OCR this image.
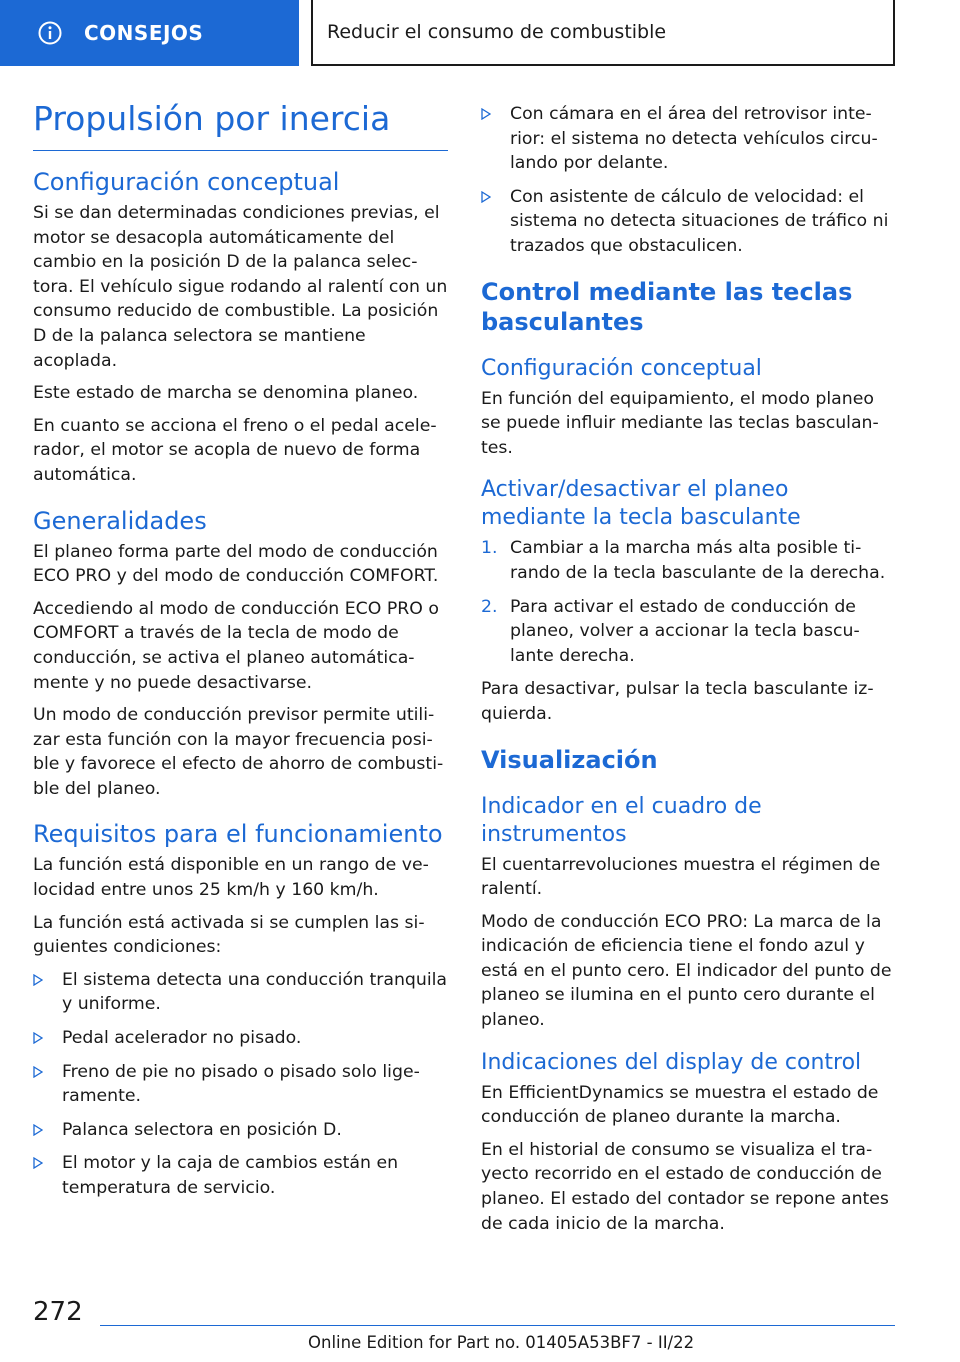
CONSEJOS	Reducir el consumo de combustible
Propulsión por inercia
Configuración conceptual

Si se dan determinadas condiciones previas, el motor se desacopla automáticamente del cambio en la posición D de la palanca selectora. El vehículo sigue rodando al ralentí con un consumo reducido de combustible. La posición D de la palanca selectora se mantiene acoplada.

Este estado de marcha se denomina planeo.

En cuanto se acciona el freno o el pedal acelerador, el motor se acopla de nuevo de forma automática.

Generalidades

El planeo forma parte del modo de conducción ECO PRO y del modo de conducción COMFORT.

Accediendo al modo de conducción ECO PRO o COMFORT a través de la tecla de modo de conducción, se activa el planeo automáticamente y no puede desactivarse.

Un modo de conducción previsor permite utilizar esta función con la mayor frecuencia posible y favorece el efecto de ahorro de combustible del planeo.

Requisitos para el funcionamiento

La función está disponible en un rango de velocidad entre unos 25 km/h y 160 km/h.

La función está activada si se cumplen las siguientes condiciones:

El sistema detecta una conducción tranquila y uniforme.
Pedal acelerador no pisado.
Freno de pie no pisado o pisado solo ligeramente.
Palanca selectora en posición D.
El motor y la caja de cambios están en temperatura de servicio.
Con cámara en el área del retrovisor interior: el sistema no detecta vehículos circulando por delante.
Con asistente de cálculo de velocidad: el sistema no detecta situaciones de tráfico ni trazados que obstaculicen.
Control mediante las teclas basculantes
Configuración conceptual

En función del equipamiento, el modo planeo se puede influir mediante las teclas basculantes.

Activar/desactivar el planeo mediante la tecla basculante
1. Cambiar a la marcha más alta posible tirando de la tecla basculante de la derecha.
2. Para activar el estado de conducción de planeo, volver a accionar la tecla basculante derecha.

Para desactivar, pulsar la tecla basculante izquierda.

Visualización
Indicador en el cuadro de instrumentos

El cuentarrevoluciones muestra el régimen de ralentí.

Modo de conducción ECO PRO: La marca de la indicación de eficiencia tiene el fondo azul y está en el punto cero. El indicador del punto de planeo se ilumina en el punto cero durante el planeo.

Indicaciones del display de control

En EfficientDynamics se muestra el estado de conducción de planeo durante la marcha.

En el historial de consumo se visualiza el trayecto recorrido en el estado de conducción de planeo. El estado del contador se repone antes de cada inicio de la marcha.

272
Online Edition for Part no. 01405A53BF7 - II/22
